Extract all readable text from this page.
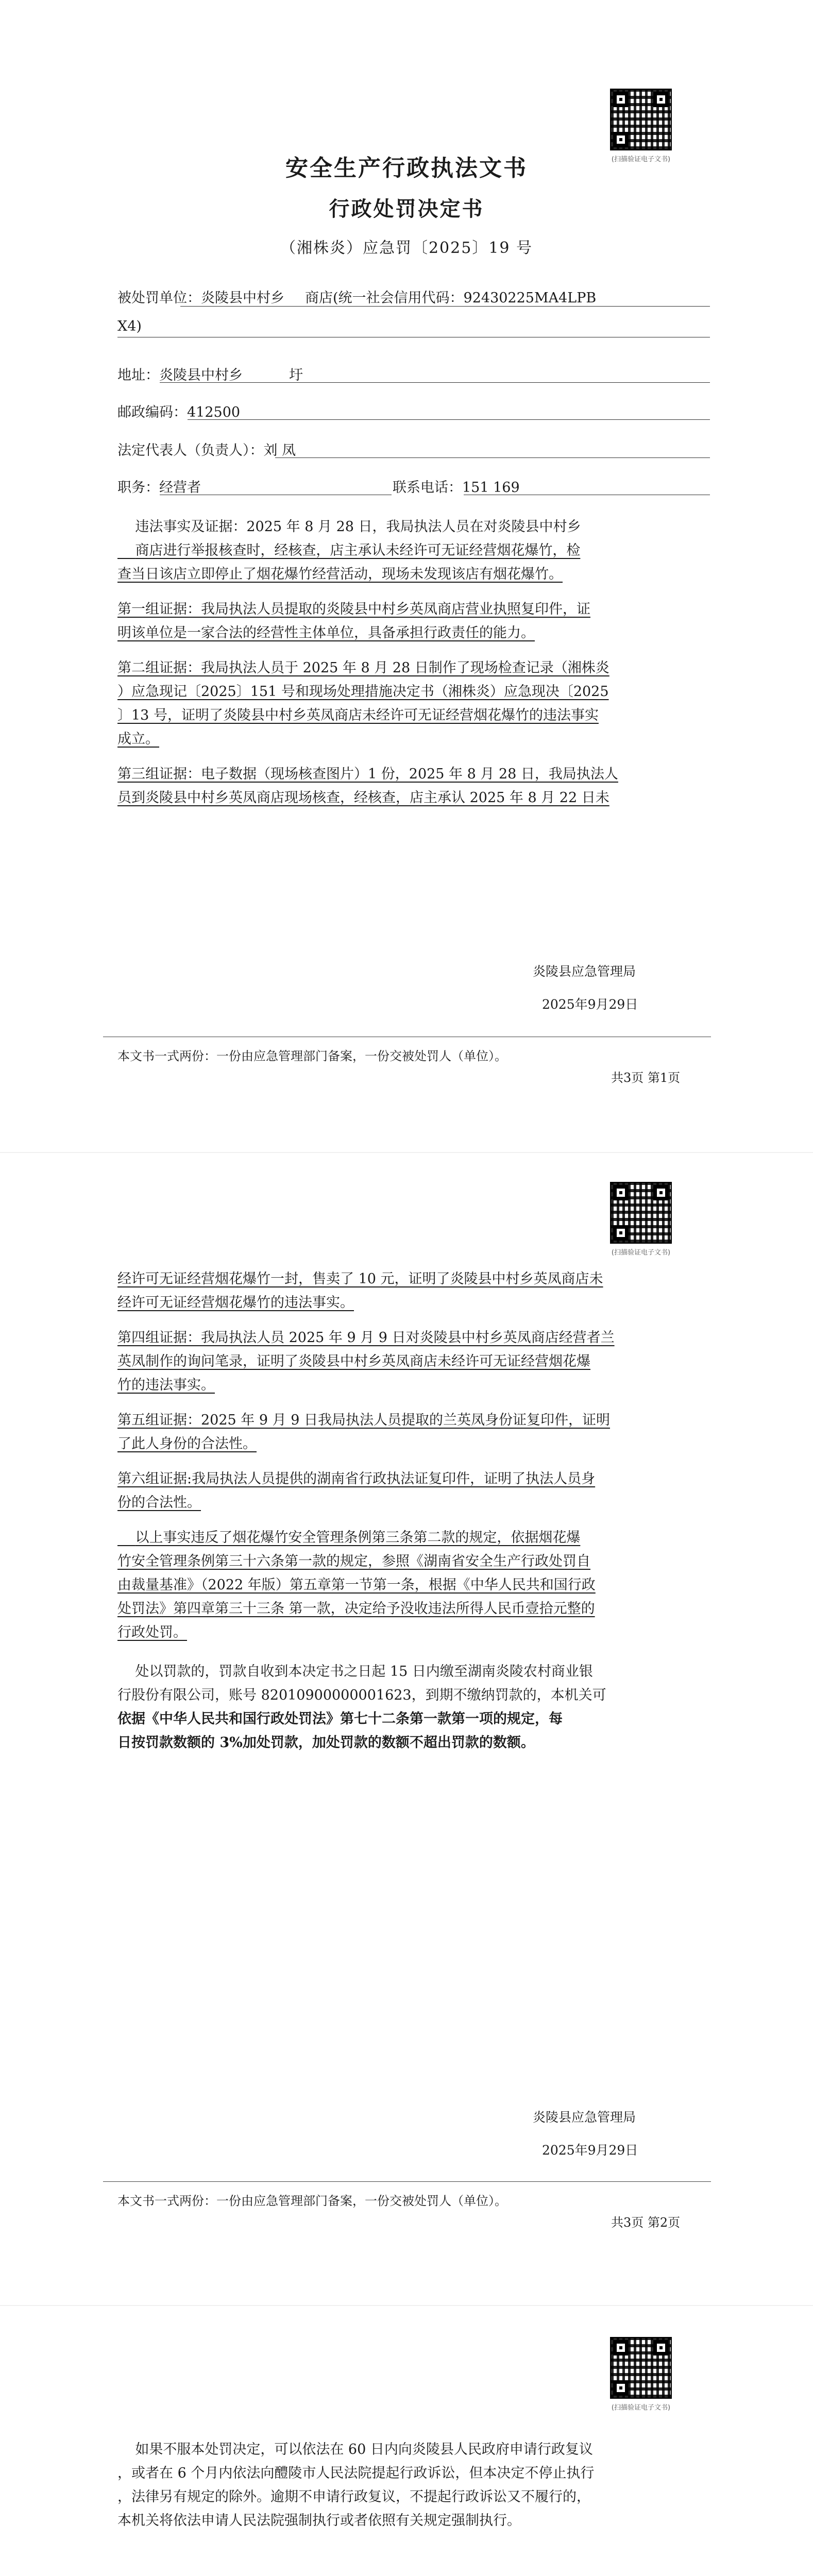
(扫描验证电子文书)
安全生产行政执法文书
行政处罚决定书
（湘株炎）应急罚〔2025〕19 号
被处罚单位：炎陵县中村乡 商店(统一社会信用代码：92430225MA4LPB
X4)
地址：炎陵县中村乡	圩
邮政编码：412500
法定代表人（负责人）：刘 凤
职务：经营者	联系电话：151 169
违法事实及证据：2025 年 8 月 28 日，我局执法人员在对炎陵县中村乡
商店进行举报核查时，经核查，店主承认未经许可无证经营烟花爆竹，检
查当日该店立即停止了烟花爆竹经营活动，现场未发现该店有烟花爆竹。
第一组证据：我局执法人员提取的炎陵县中村乡英凤商店营业执照复印件，证
明该单位是一家合法的经营性主体单位，具备承担行政责任的能力。
第二组证据：我局执法人员于 2025 年 8 月 28 日制作了现场检查记录（湘株炎
）应急现记〔2025〕151 号和现场处理措施决定书（湘株炎）应急现决〔2025
〕13 号，证明了炎陵县中村乡英凤商店未经许可无证经营烟花爆竹的违法事实
成立。
第三组证据：电子数据（现场核查图片）1 份，2025 年 8 月 28 日，我局执法人
员到炎陵县中村乡英凤商店现场核查，经核查，店主承认 2025 年 8 月 22 日未
炎陵县应急管理局
2025年9月29日
本文书一式两份：一份由应急管理部门备案，一份交被处罚人（单位）。
共3页 第1页
(扫描验证电子文书)
经许可无证经营烟花爆竹一封，售卖了 10 元，证明了炎陵县中村乡英凤商店未
经许可无证经营烟花爆竹的违法事实。
第四组证据：我局执法人员 2025 年 9 月 9 日对炎陵县中村乡英凤商店经营者兰
英凤制作的询问笔录，证明了炎陵县中村乡英凤商店未经许可无证经营烟花爆
竹的违法事实。
第五组证据：2025 年 9 月 9 日我局执法人员提取的兰英凤身份证复印件，证明
了此人身份的合法性。
第六组证据:我局执法人员提供的湖南省行政执法证复印件，证明了执法人员身
份的合法性。
以上事实违反了烟花爆竹安全管理条例第三条第二款的规定，依据烟花爆
竹安全管理条例第三十六条第一款的规定，参照《湖南省安全生产行政处罚自
由裁量基准》（2022 年版）第五章第一节第一条，根据《中华人民共和国行政
处罚法》第四章第三十三条 第一款，决定给予没收违法所得人民币壹拾元整的
行政处罚。
处以罚款的，罚款自收到本决定书之日起 15 日内缴至湖南炎陵农村商业银
行股份有限公司，账号 82010900000001623，到期不缴纳罚款的，本机关可
依据《中华人民共和国行政处罚法》第七十二条第一款第一项的规定，每
日按罚款数额的 3%加处罚款，加处罚款的数额不超出罚款的数额。
炎陵县应急管理局
2025年9月29日
本文书一式两份：一份由应急管理部门备案，一份交被处罚人（单位）。
共3页 第2页
(扫描验证电子文书)
如果不服本处罚决定，可以依法在 60 日内向炎陵县人民政府申请行政复议
，或者在 6 个月内依法向醴陵市人民法院提起行政诉讼，但本决定不停止执行
，法律另有规定的除外。逾期不申请行政复议，不提起行政诉讼又不履行的，
本机关将依法申请人民法院强制执行或者依照有关规定强制执行。
